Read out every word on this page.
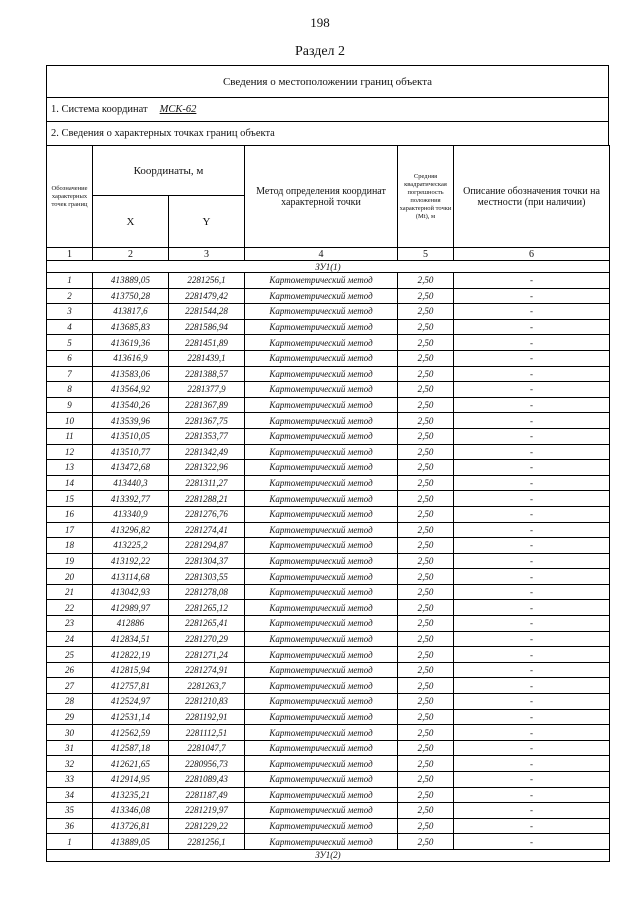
198
Раздел 2
Сведения о местоположении границ объекта
1. Система координат МСК-62
2. Сведения о характерных точках границ объекта
Обозначение характерных точек границ	Координаты, м		Метод определения координат характерной точки	Средняя квадратическая погрешность положения характерной точки (Mt), м	Описание обозначения точки на местности (при наличии)
	X	Y			
1	2	3	4	5	6
ЗУ1(1)					
1	413889,05	2281256,1	Картометрический метод	2,50	-
2	413750,28	2281479,42	Картометрический метод	2,50	-
3	413817,6	2281544,28	Картометрический метод	2,50	-
4	413685,83	2281586,94	Картометрический метод	2,50	-
5	413619,36	2281451,89	Картометрический метод	2,50	-
6	413616,9	2281439,1	Картометрический метод	2,50	-
7	413583,06	2281388,57	Картометрический метод	2,50	-
8	413564,92	2281377,9	Картометрический метод	2,50	-
9	413540,26	2281367,89	Картометрический метод	2,50	-
10	413539,96	2281367,75	Картометрический метод	2,50	-
11	413510,05	2281353,77	Картометрический метод	2,50	-
12	413510,77	2281342,49	Картометрический метод	2,50	-
13	413472,68	2281322,96	Картометрический метод	2,50	-
14	413440,3	2281311,27	Картометрический метод	2,50	-
15	413392,77	2281288,21	Картометрический метод	2,50	-
16	413340,9	2281276,76	Картометрический метод	2,50	-
17	413296,82	2281274,41	Картометрический метод	2,50	-
18	413225,2	2281294,87	Картометрический метод	2,50	-
19	413192,22	2281304,37	Картометрический метод	2,50	-
20	413114,68	2281303,55	Картометрический метод	2,50	-
21	413042,93	2281278,08	Картометрический метод	2,50	-
22	412989,97	2281265,12	Картометрический метод	2,50	-
23	412886	2281265,41	Картометрический метод	2,50	-
24	412834,51	2281270,29	Картометрический метод	2,50	-
25	412822,19	2281271,24	Картометрический метод	2,50	-
26	412815,94	2281274,91	Картометрический метод	2,50	-
27	412757,81	2281263,7	Картометрический метод	2,50	-
28	412524,97	2281210,83	Картометрический метод	2,50	-
29	412531,14	2281192,91	Картометрический метод	2,50	-
30	412562,59	2281112,51	Картометрический метод	2,50	-
31	412587,18	2281047,7	Картометрический метод	2,50	-
32	412621,65	2280956,73	Картометрический метод	2,50	-
33	412914,95	2281089,43	Картометрический метод	2,50	-
34	413235,21	2281187,49	Картометрический метод	2,50	-
35	413346,08	2281219,97	Картометрический метод	2,50	-
36	413726,81	2281229,22	Картометрический метод	2,50	-
1	413889,05	2281256,1	Картометрический метод	2,50	-
ЗУ1(2)					
